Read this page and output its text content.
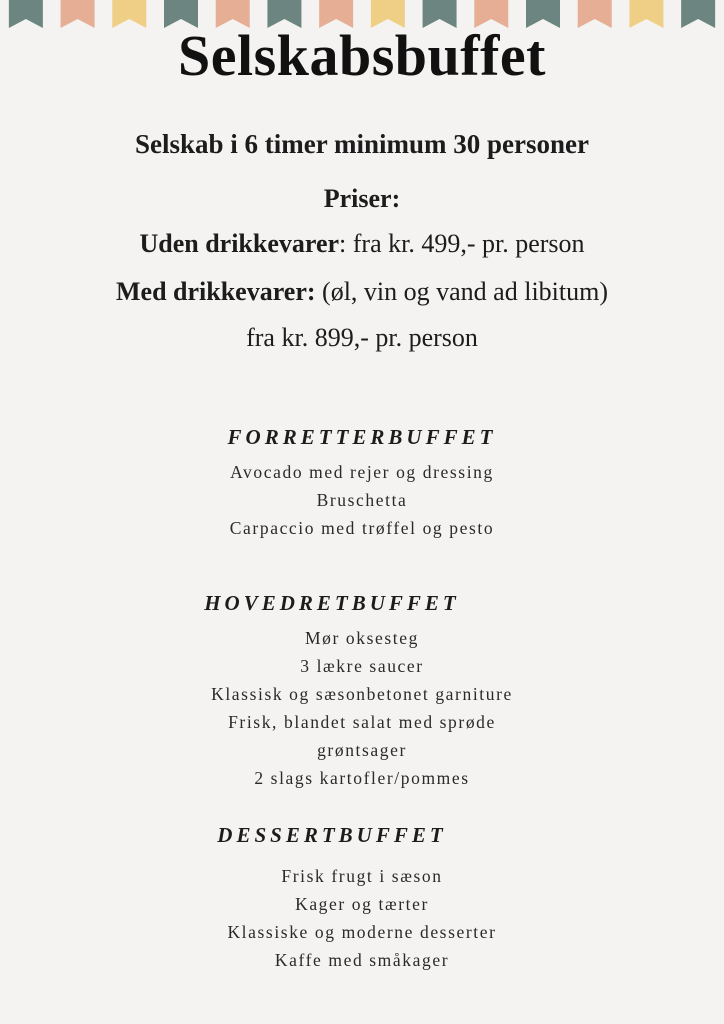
Selskabsbuffet
Selskab i 6 timer minimum 30 personer
Priser:
Uden drikkevarer: fra kr. 499,- pr. person
Med drikkevarer: (øl, vin og vand ad libitum)
fra kr. 899,- pr. person
FORRETTERBUFFET
Avocado med rejer og dressing
Bruschetta
Carpaccio med trøffel og pesto
HOVEDRETBUFFET
Mør oksesteg
3 lækre saucer
Klassisk og sæsonbetonet garniture
Frisk, blandet salat med sprøde
grøntsager
2 slags kartofler/pommes
DESSERTBUFFET
Frisk frugt i sæson
Kager og tærter
Klassiske og moderne desserter
Kaffe med småkager
